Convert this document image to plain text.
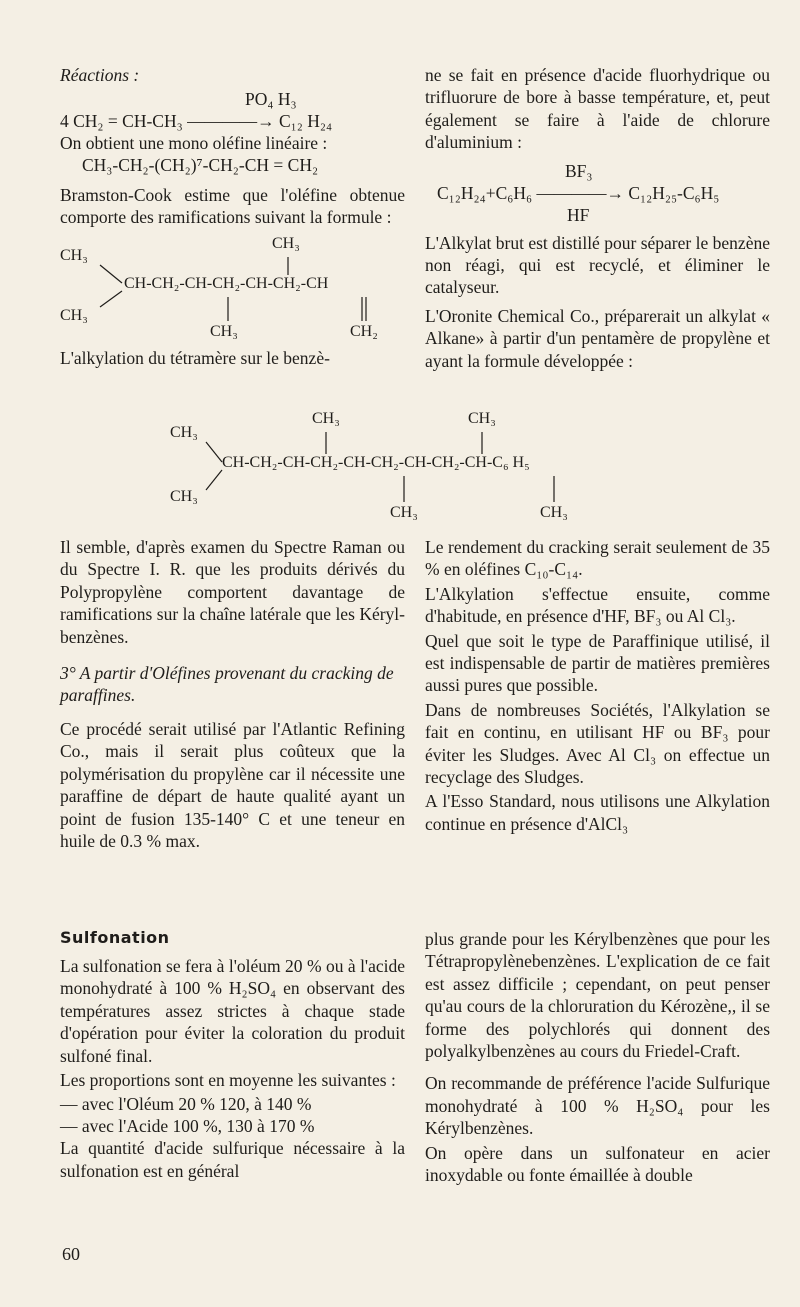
Réactions :
PO₄ H₃
4 CH₂ = CH-CH₃ ————→ C₁₂ H₂₄
On obtient une mono oléfine linéaire :
CH₃-CH₂-(CH₂)⁷-CH₂-CH = CH₂

Bramston-Cook estime que l'oléfine obtenue comporte des ramifications suivant la formule :

CH₃
CH₃
CH-CH₂-CH-CH₂-CH-CH₂-CH
CH₃
CH₃	CH₂

L'alkylation du tétramère sur le benzè-

ne se fait en présence d'acide fluorhydrique ou trifluorure de bore à basse température, et, peut également se faire à l'aide de chlorure d'aluminium :

BF₃
C₁₂H₂₄+C₆H₆ ————→ C₁₂H₂₅-C₆H₅
HF

L'Alkylat brut est distillé pour séparer le benzène non réagi, qui est recyclé, et éliminer le catalyseur.

L'Oronite Chemical Co., préparerait un alkylat « Alkane» à partir d'un pentamère de propylène et ayant la formule développée :

CH₃
CH₃	CH₃
CH-CH₂-CH-CH₂-CH-CH₂-CH-CH₂-CH-C₆ H₅
CH₃
CH₃	CH₃

Il semble, d'après examen du Spectre Raman ou du Spectre I. R. que les produits dérivés du Polypropylène comportent davantage de ramifications sur la chaîne latérale que les Kéryl-benzènes.

3° A partir d'Oléfines provenant du cracking de paraffines.

Ce procédé serait utilisé par l'Atlantic Refining Co., mais il serait plus coûteux que la polymérisation du propylène car il nécessite une paraffine de départ de haute qualité ayant un point de fusion 135-140° C et une teneur en huile de 0.3 % max.

Le rendement du cracking serait seulement de 35 % en oléfines C₁₀-C₁₄.

L'Alkylation s'effectue ensuite, comme d'habitude, en présence d'HF, BF₃ ou Al Cl₃.

Quel que soit le type de Paraffinique utilisé, il est indispensable de partir de matières premières aussi pures que possible.

Dans de nombreuses Sociétés, l'Alkylation se fait en continu, en utilisant HF ou BF₃ pour éviter les Sludges. Avec Al Cl₃ on effectue un recyclage des Sludges.

A l'Esso Standard, nous utilisons une Alkylation continue en présence d'AlCl₃

Sulfonation

La sulfonation se fera à l'oléum 20 % ou à l'acide monohydraté à 100 % H₂SO₄ en observant des températures assez strictes à chaque stade d'opération pour éviter la coloration du produit sulfoné final.

Les proportions sont en moyenne les suivantes :

— avec l'Oléum 20 % 120, à 140 %
— avec l'Acide 100 %, 130 à 170 %

La quantité d'acide sulfurique nécessaire à la sulfonation est en général

plus grande pour les Kérylbenzènes que pour les Tétrapropylènebenzènes. L'explication de ce fait est assez difficile ; cependant, on peut penser qu'au cours de la chloruration du Kérozène,, il se forme des polychlorés qui donnent des polyalkylbenzènes au cours du Friedel-Craft.

On recommande de préférence l'acide Sulfurique monohydraté à 100 % H₂SO₄ pour les Kérylbenzènes.

On opère dans un sulfonateur en acier inoxydable ou fonte émaillée à double

60
